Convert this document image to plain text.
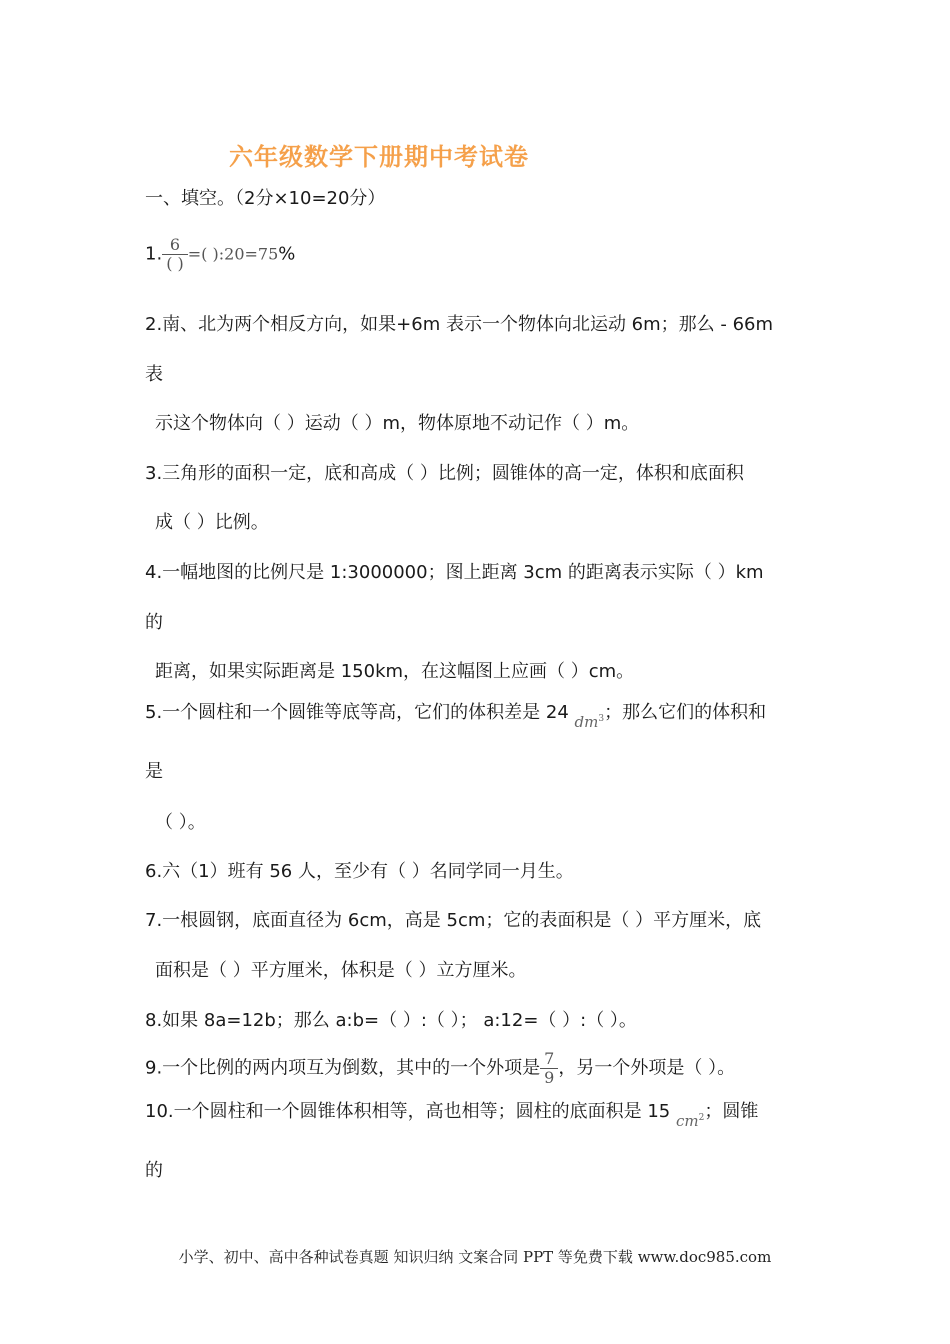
六年级数学下册期中考试卷
一、填空。（2分×10=20分）
1. $\frac{6}{( )}$ =( ):20=75%
2.南、北为两个相反方向，如果+6m 表示一个物体向北运动 6m；那么 - 66m
表
示这个物体向（ ）运动（ ）m，物体原地不动记作（ ）m。
3.三角形的面积一定，底和高成（ ）比例；圆锥体的高一定，体积和底面积
成（ ）比例。
4.一幅地图的比例尺是 1:3000000；图上距离 3cm 的距离表示实际（ ）km
的
距离，如果实际距离是 150km，在这幅图上应画（ ）cm。
5.一个圆柱和一个圆锥等底等高，它们的体积差是 24 $_{dm^3}$；那么它们的体积和
是
（ ）。
6.六（1）班有 56 人，至少有（ ）名同学同一月生。
7.一根圆钢，底面直径为 6cm，高是 5cm；它的表面积是（ ）平方厘米，底
面积是（ ）平方厘米，体积是（ ）立方厘米。
8.如果 8a=12b；那么 a:b=（ ）:（ ）； a:12=（ ）:（ ）。
9.一个比例的两内项互为倒数，其中的一个外项是 $\frac{7}{9}$ ，另一个外项是（ ）。
10.一个圆柱和一个圆锥体积相等，高也相等；圆柱的底面积是 15 $_{cm^2}$；圆锥
的
小学、初中、高中各种试卷真题 知识归纳 文案合同 PPT 等免费下载 www.doc985.com
